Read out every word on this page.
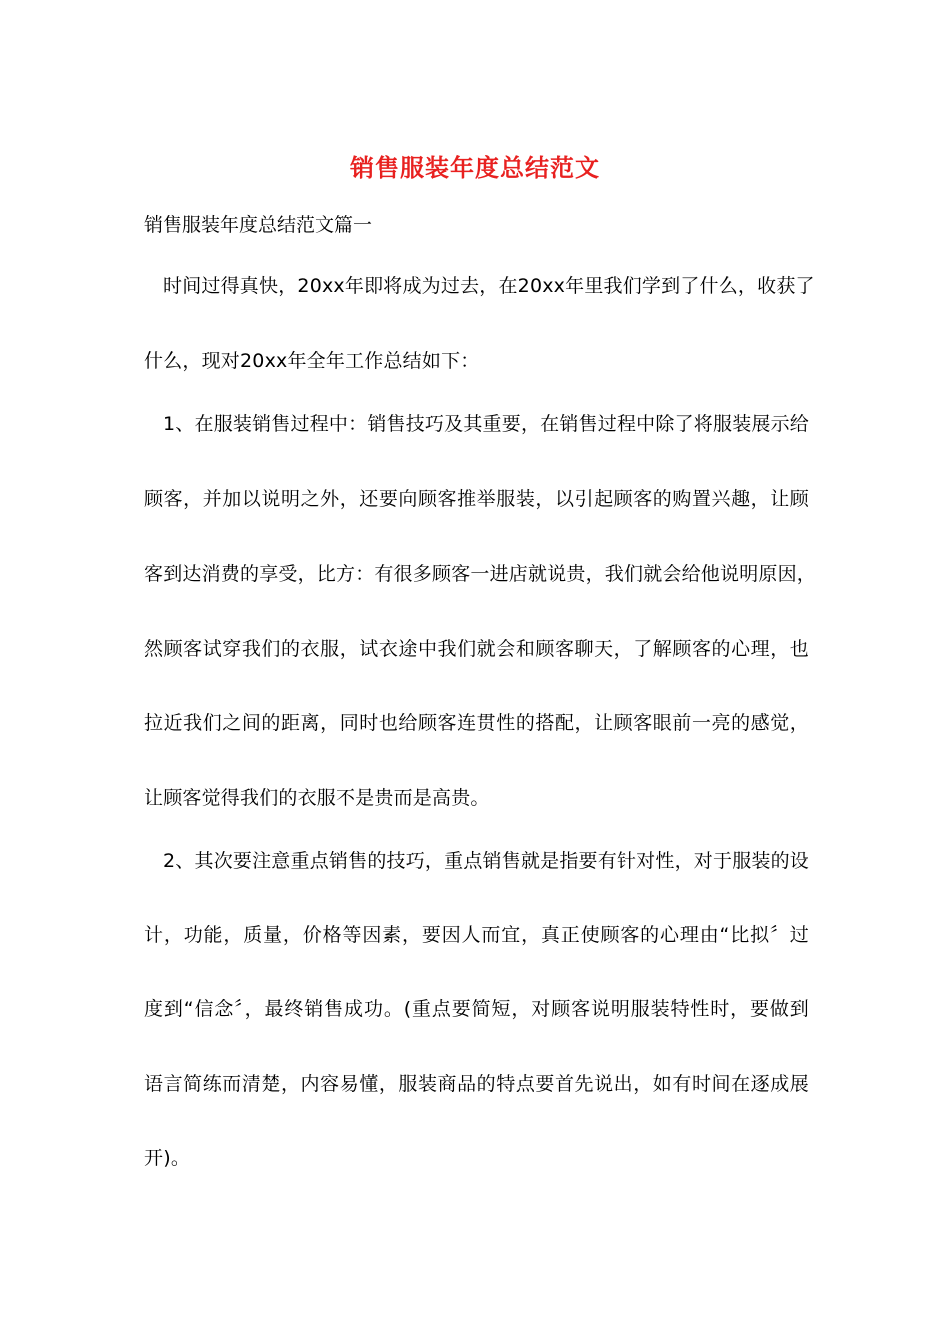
销售服装年度总结范文
销售服装年度总结范文篇一
时间过得真快，20xx年即将成为过去，在20xx年里我们学到了什么，收获了
什么，现对20xx年全年工作总结如下：
1、在服装销售过程中：销售技巧及其重要，在销售过程中除了将服装展示给
顾客，并加以说明之外，还要向顾客推举服装，以引起顾客的购置兴趣，让顾
客到达消费的享受，比方：有很多顾客一进店就说贵，我们就会给他说明原因，
然顾客试穿我们的衣服，试衣途中我们就会和顾客聊天，了解顾客的心理，也
拉近我们之间的距离，同时也给顾客连贯性的搭配，让顾客眼前一亮的感觉，
让顾客觉得我们的衣服不是贵而是高贵。
2、其次要注意重点销售的技巧，重点销售就是指要有针对性，对于服装的设
计，功能，质量，价格等因素，要因人而宜，真正使顾客的心理由“比拟〞过
度到“信念〞，最终销售成功。(重点要简短，对顾客说明服装特性时，要做到
语言简练而清楚，内容易懂，服装商品的特点要首先说出，如有时间在逐成展
开)。
